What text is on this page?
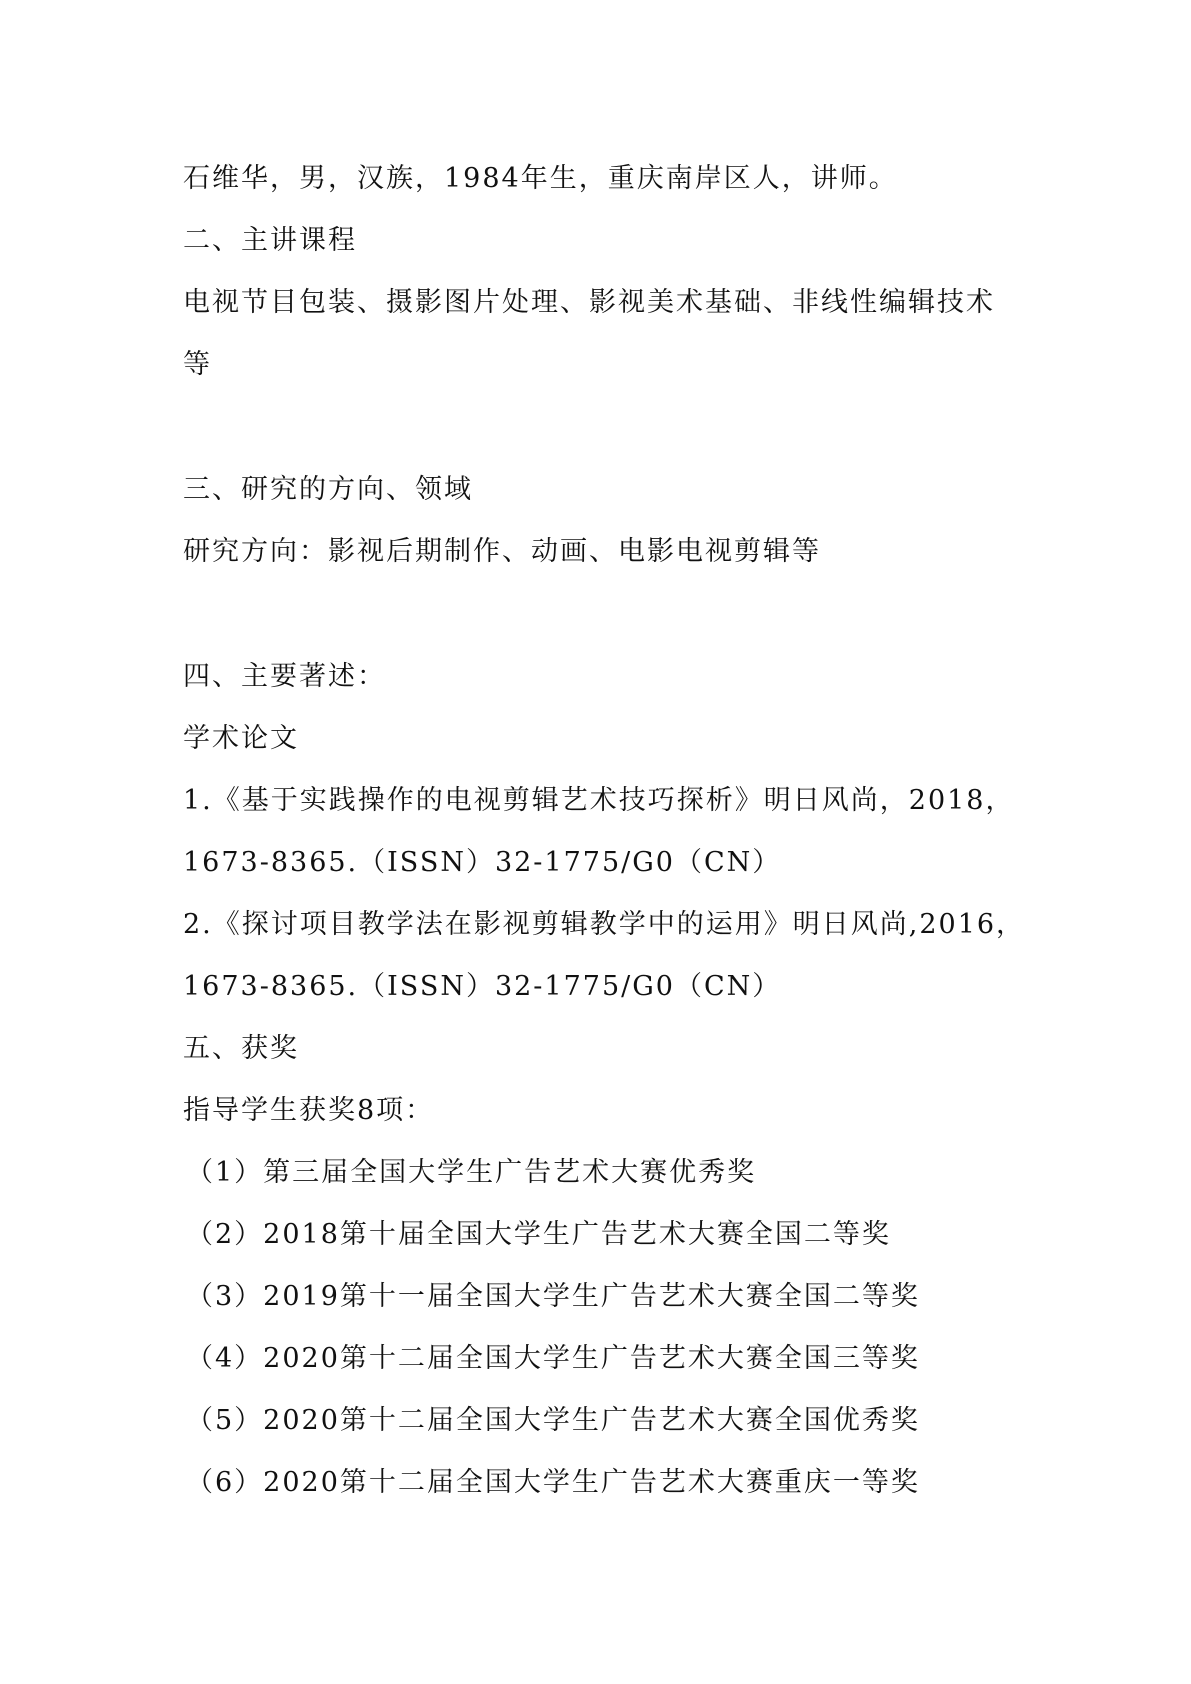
石维华，男，汉族，1984年生，重庆南岸区人，讲师。
二、主讲课程
电视节目包装、摄影图片处理、影视美术基础、非线性编辑技术
等
三、研究的方向、领域
研究方向：影视后期制作、动画、电影电视剪辑等
四、主要著述：
学术论文
1.《基于实践操作的电视剪辑艺术技巧探析》明日风尚，2018，
1673-8365.（ISSN）32-1775/G0（CN）
2.《探讨项目教学法在影视剪辑教学中的运用》明日风尚,2016，
1673-8365.（ISSN）32-1775/G0（CN）
五、获奖
指导学生获奖8项：
（1）第三届全国大学生广告艺术大赛优秀奖
（2）2018第十届全国大学生广告艺术大赛全国二等奖
（3）2019第十一届全国大学生广告艺术大赛全国二等奖
（4）2020第十二届全国大学生广告艺术大赛全国三等奖
（5）2020第十二届全国大学生广告艺术大赛全国优秀奖
（6）2020第十二届全国大学生广告艺术大赛重庆一等奖
